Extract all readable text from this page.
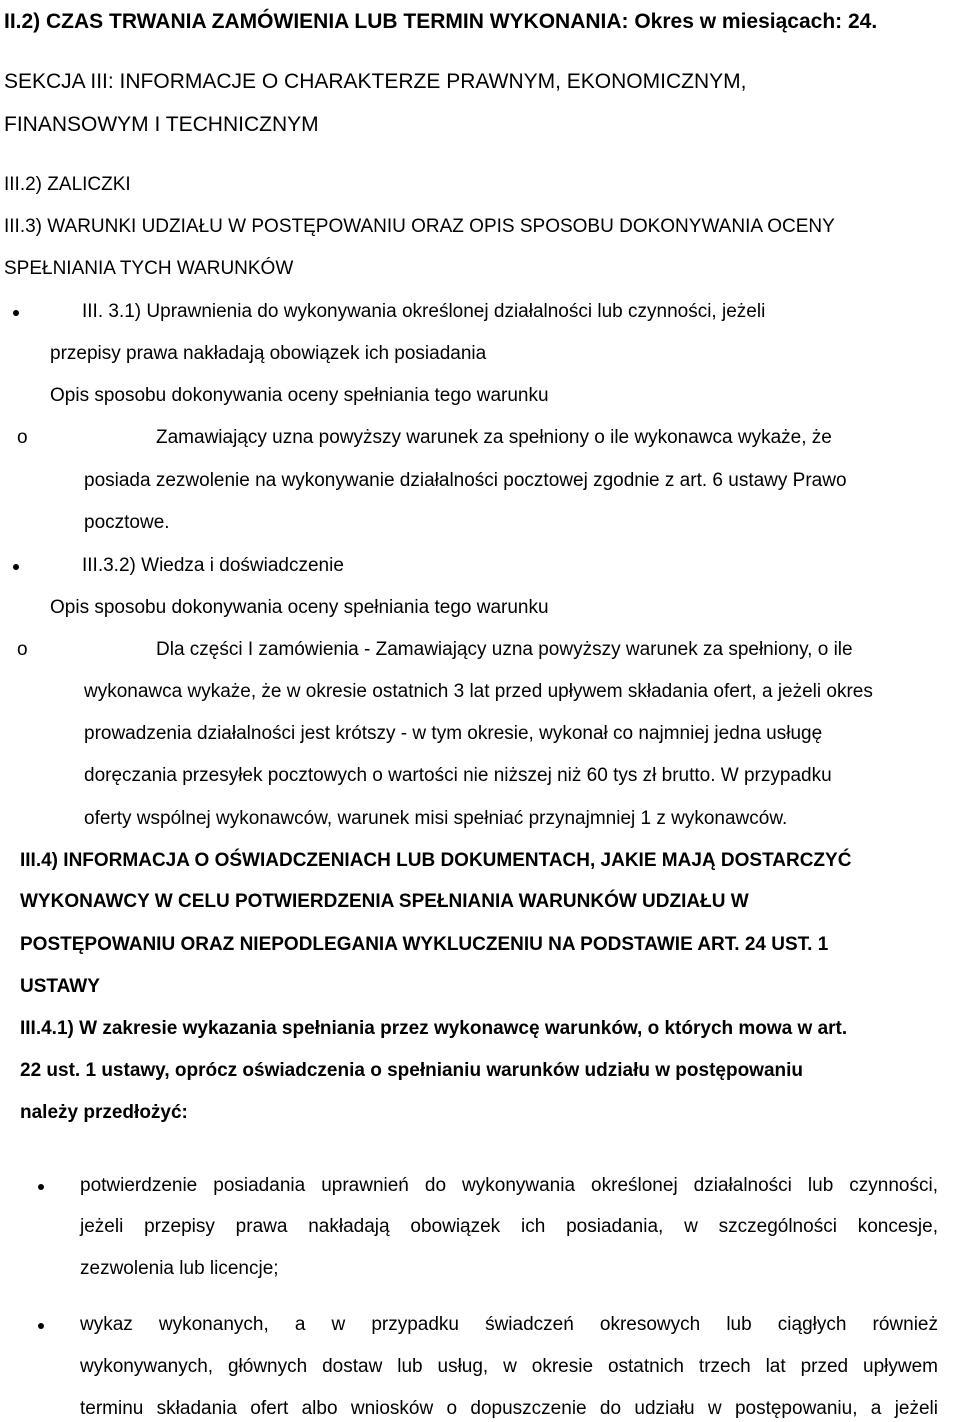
II.2) CZAS TRWANIA ZAMÓWIENIA LUB TERMIN WYKONANIA: Okres w miesiącach: 24.
SEKCJA III: INFORMACJE O CHARAKTERZE PRAWNYM, EKONOMICZNYM,
FINANSOWYM I TECHNICZNYM
III.2) ZALICZKI
III.3) WARUNKI UDZIAŁU W POSTĘPOWANIU ORAZ OPIS SPOSOBU DOKONYWANIA OCENY
SPEŁNIANIA TYCH WARUNKÓW
III. 3.1) Uprawnienia do wykonywania określonej działalności lub czynności, jeżeli
przepisy prawa nakładają obowiązek ich posiadania
Opis sposobu dokonywania oceny spełniania tego warunku
o	Zamawiający uzna powyższy warunek za spełniony o ile wykonawca wykaże, że
posiada zezwolenie na wykonywanie działalności pocztowej zgodnie z art. 6 ustawy Prawo
pocztowe.
III.3.2) Wiedza i doświadczenie
Opis sposobu dokonywania oceny spełniania tego warunku
o	Dla części I zamówienia - Zamawiający uzna powyższy warunek za spełniony, o ile
wykonawca wykaże, że w okresie ostatnich 3 lat przed upływem składania ofert, a jeżeli okres
prowadzenia działalności jest krótszy - w tym okresie, wykonał co najmniej jedna usługę
doręczania przesyłek pocztowych o wartości nie niższej niż 60 tys zł brutto. W przypadku
oferty wspólnej wykonawców, warunek misi spełniać przynajmniej 1 z wykonawców.
III.4) INFORMACJA O OŚWIADCZENIACH LUB DOKUMENTACH, JAKIE MAJĄ DOSTARCZYĆ
WYKONAWCY W CELU POTWIERDZENIA SPEŁNIANIA WARUNKÓW UDZIAŁU W
POSTĘPOWANIU ORAZ NIEPODLEGANIA WYKLUCZENIU NA PODSTAWIE ART. 24 UST. 1
USTAWY
III.4.1) W zakresie wykazania spełniania przez wykonawcę warunków, o których mowa w art.
22 ust. 1 ustawy, oprócz oświadczenia o spełnianiu warunków udziału w postępowaniu
należy przedłożyć:
potwierdzenie posiadania uprawnień do wykonywania określonej działalności lub czynności,
jeżeli przepisy prawa nakładają obowiązek ich posiadania, w szczególności koncesje,
zezwolenia lub licencje;
wykaz wykonanych, a w przypadku świadczeń okresowych lub ciągłych również
wykonywanych, głównych dostaw lub usług, w okresie ostatnich trzech lat przed upływem
terminu składania ofert albo wniosków o dopuszczenie do udziału w postępowaniu, a jeżeli
